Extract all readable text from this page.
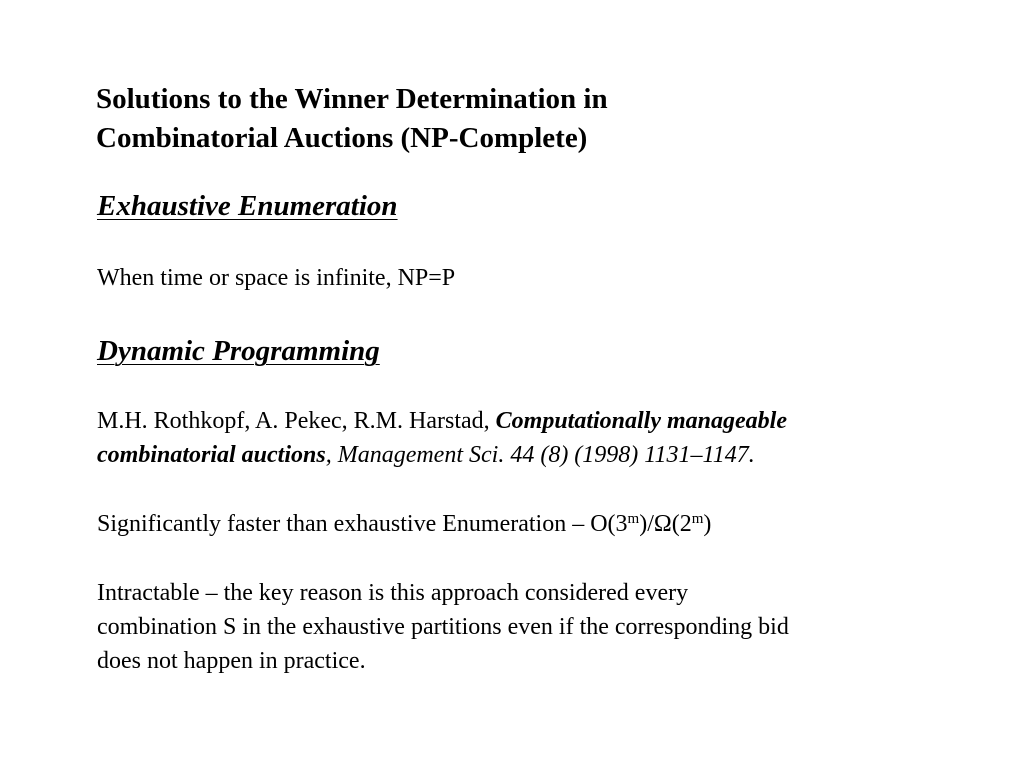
Solutions to the Winner Determination in
Combinatorial Auctions (NP-Complete)
Exhaustive Enumeration

When time or space is infinite, NP=P

Dynamic Programming

M.H. Rothkopf, A. Pekec, R.M. Harstad, Computationally manageable
combinatorial auctions, Management Sci. 44 (8) (1998) 1131–1147.

Significantly faster than exhaustive Enumeration – O(3$^m$)/Ω(2$^m$)

Intractable – the key reason is this approach considered every
combination S in the exhaustive partitions even if the corresponding bid
does not happen in practice.
